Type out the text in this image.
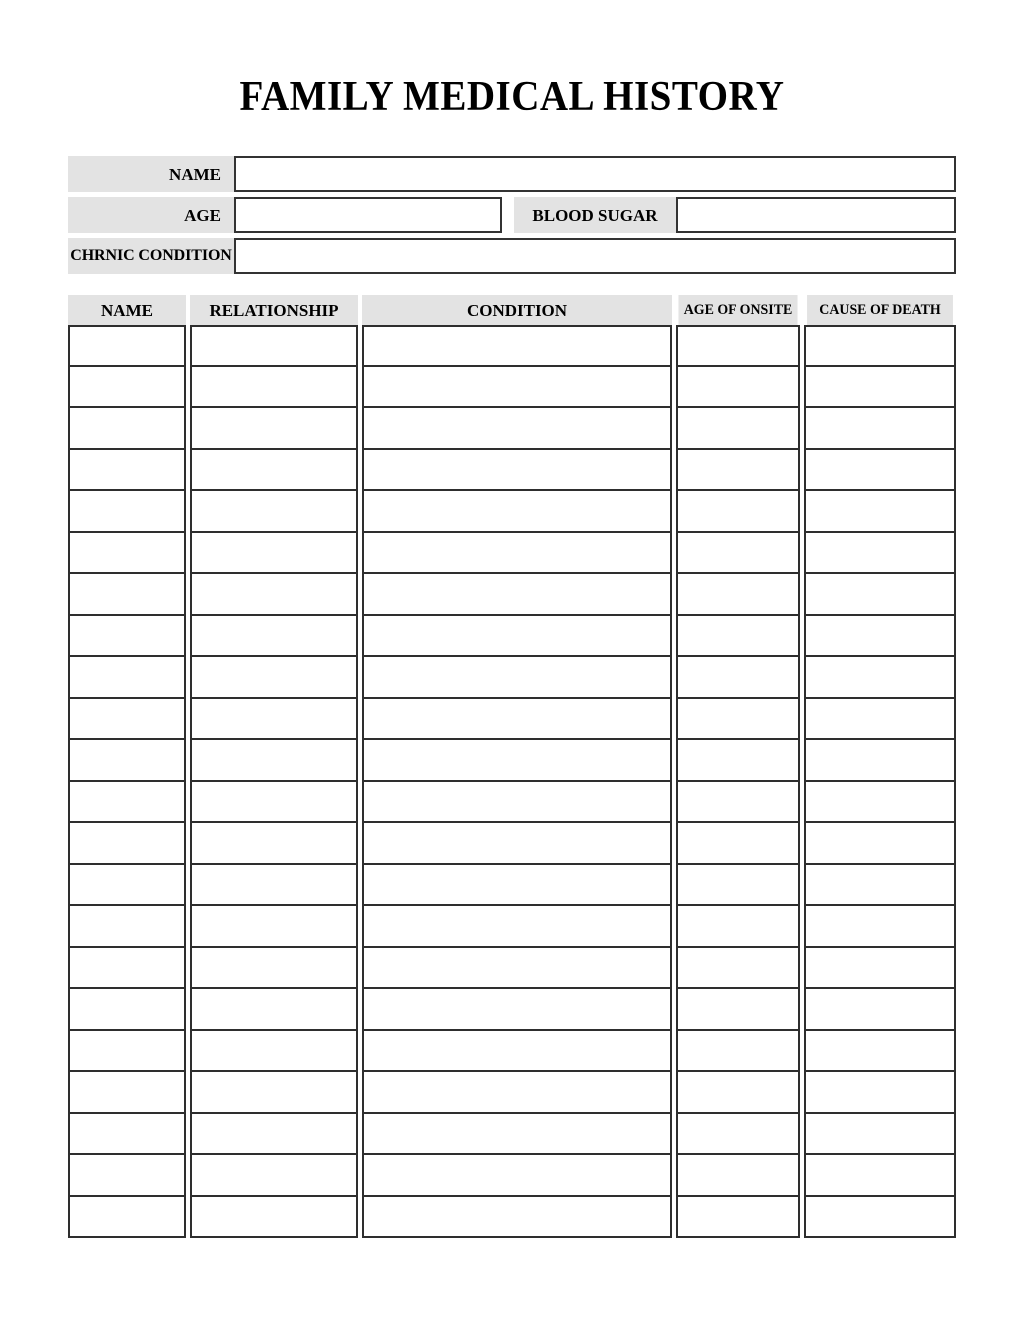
FAMILY MEDICAL HISTORY
NAME
AGE	BLOOD SUGAR
CHRNIC CONDITION
NAME	RELATIONSHIP	CONDITION	AGE OF ONSITE	CAUSE OF DEATH
